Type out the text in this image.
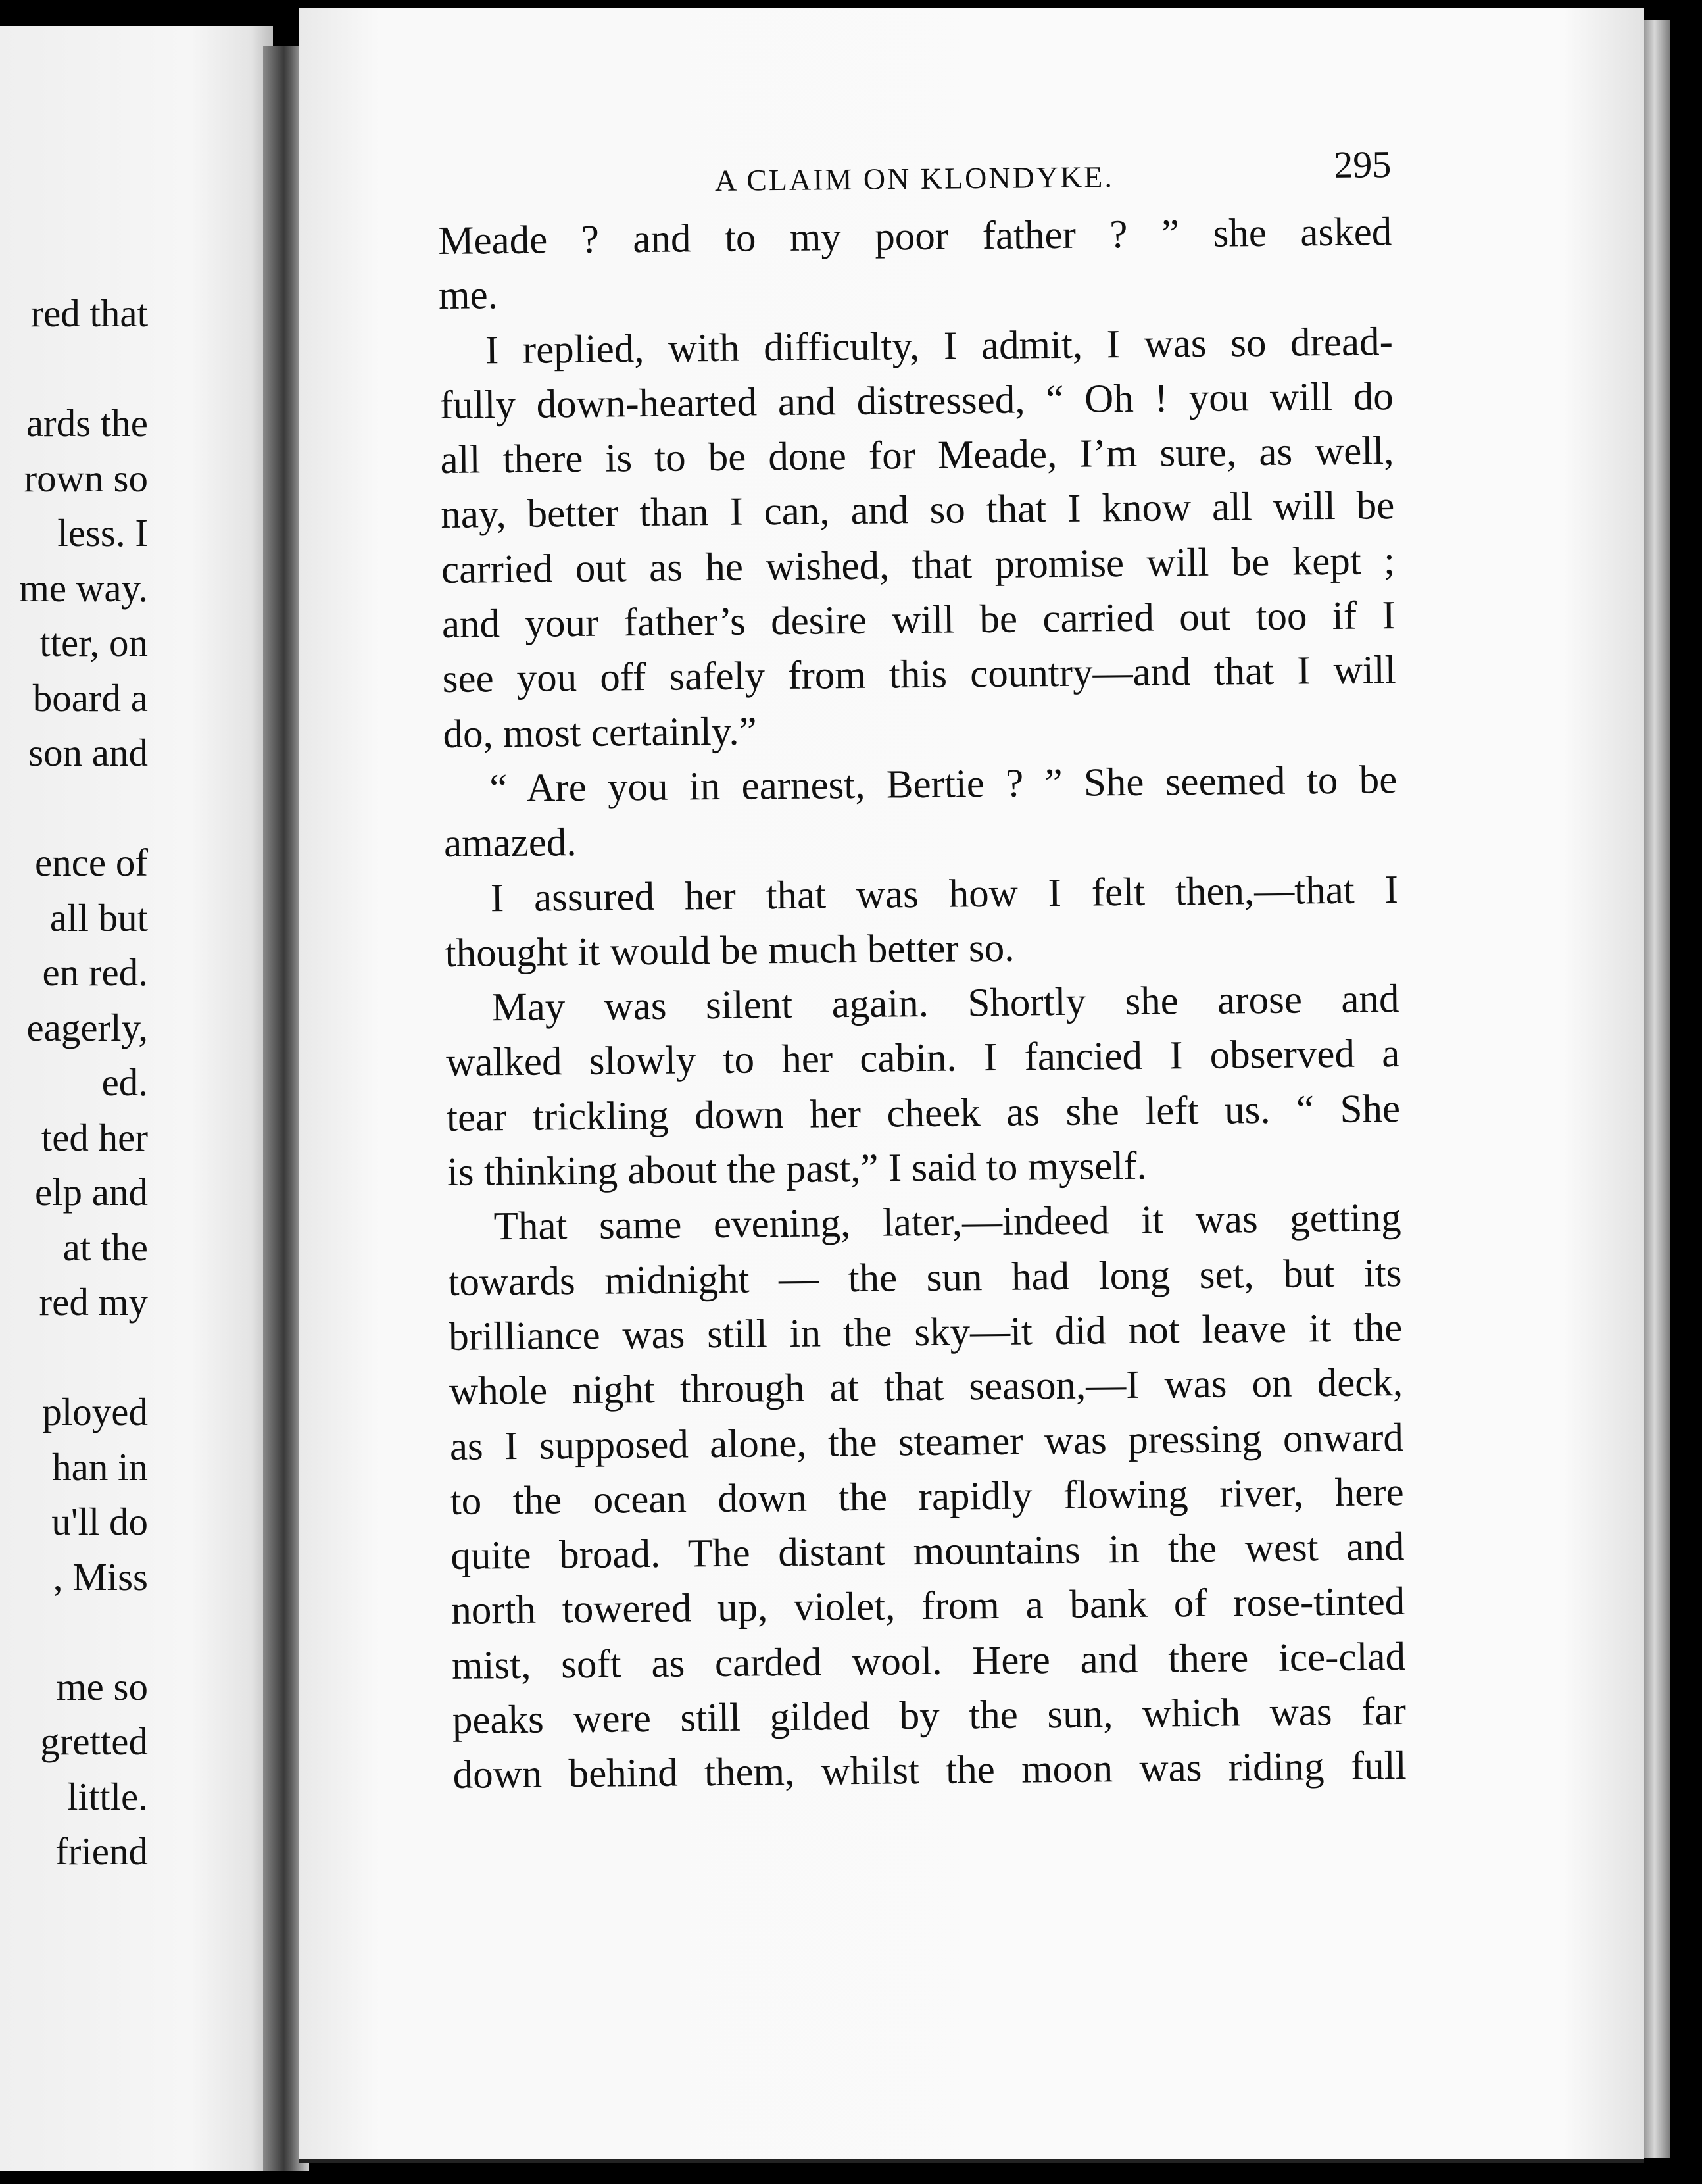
red that
ards the
rown so
less. I
me way.
tter, on
board a
son and
ence of
all but
en red.
eagerly,
ed.
ted her
elp and
at the
red my
ployed
han in
u'll do
, Miss
me so
gretted
little.
friend
A CLAIM ON KLONDYKE.	295
Meade ? and to my poor father ? ” she asked
me.
I replied, with difficulty, I admit, I was so dread-
fully down-hearted and distressed, “ Oh ! you will do
all there is to be done for Meade, I’m sure, as well,
nay, better than I can, and so that I know all will be
carried out as he wished, that promise will be kept ;
and your father’s desire will be carried out too if I
see you off safely from this country—and that I will
do, most certainly.”
“ Are you in earnest, Bertie ? ” She seemed to be
amazed.
I assured her that was how I felt then,—that I
thought it would be much better so.
May was silent again. Shortly she arose and
walked slowly to her cabin. I fancied I observed a
tear trickling down her cheek as she left us. “ She
is thinking about the past,” I said to myself.
That same evening, later,—indeed it was getting
towards midnight — the sun had long set, but its
brilliance was still in the sky—it did not leave it the
whole night through at that season,—I was on deck,
as I supposed alone, the steamer was pressing onward
to the ocean down the rapidly flowing river, here
quite broad. The distant mountains in the west and
north towered up, violet, from a bank of rose-tinted
mist, soft as carded wool. Here and there ice-clad
peaks were still gilded by the sun, which was far
down behind them, whilst the moon was riding full
